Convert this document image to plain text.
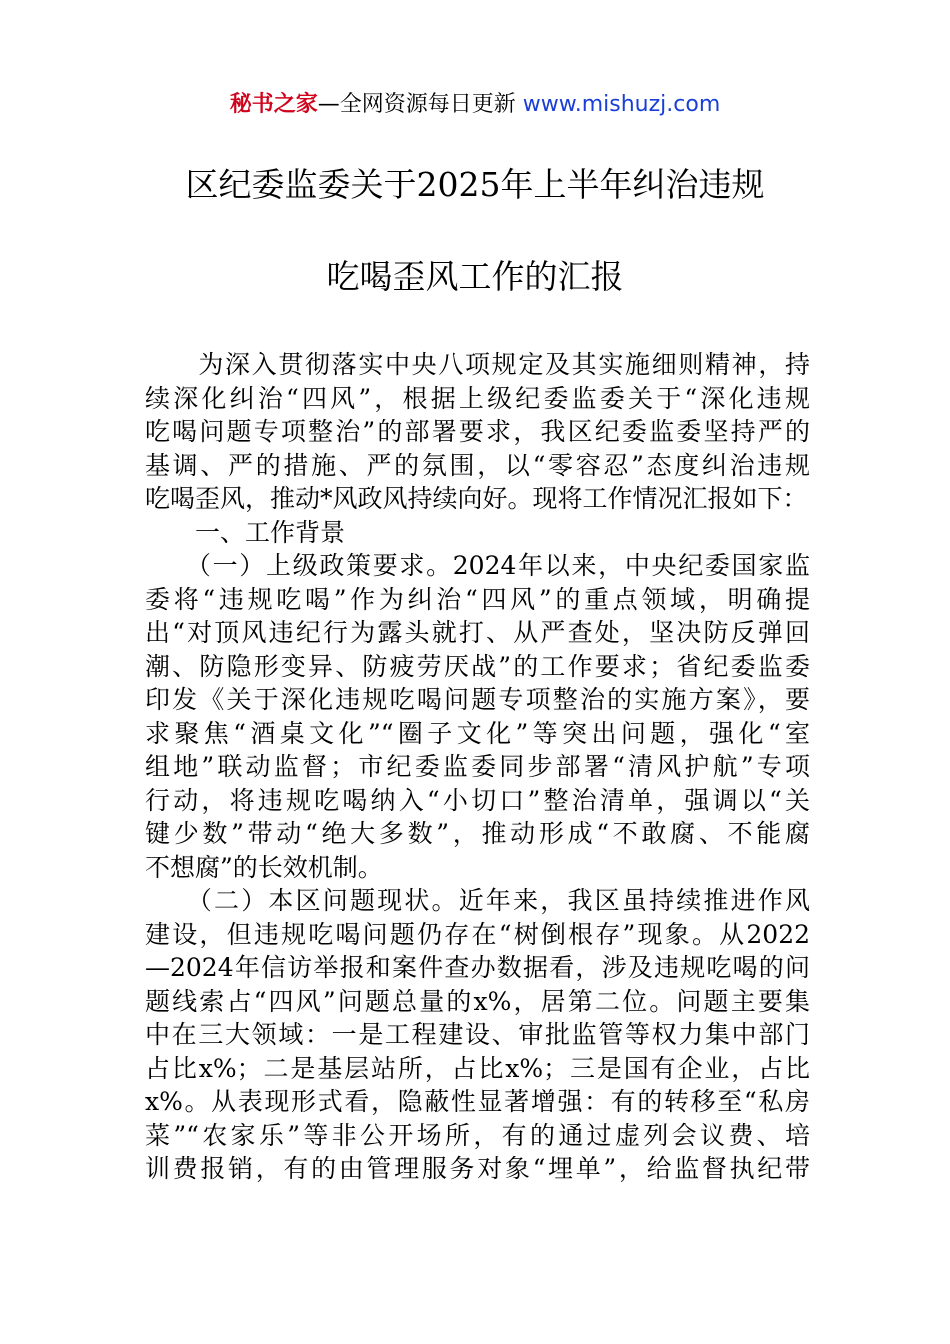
秘书之家—全网资源每日更新 www.mishuzj.com
区纪委监委关于2025年上半年纠治违规
吃喝歪风工作的汇报
　　为深入贯彻落实中央八项规定及其实施细则精神，持
续深化纠治“四风”，根据上级纪委监委关于“深化违规
吃喝问题专项整治”的部署要求，我区纪委监委坚持严的
基调、严的措施、严的氛围，以“零容忍”态度纠治违规
吃喝歪风，推动*风政风持续向好。现将工作情况汇报如下：
　　一、工作背景
　　（一）上级政策要求。2024年以来，中央纪委国家监
委将“违规吃喝”作为纠治“四风”的重点领域，明确提
出“对顶风违纪行为露头就打、从严查处，坚决防反弹回
潮、防隐形变异、防疲劳厌战”的工作要求；省纪委监委
印发《关于深化违规吃喝问题专项整治的实施方案》，要
求聚焦“酒桌文化”“圈子文化”等突出问题，强化“室
组地”联动监督；市纪委监委同步部署“清风护航”专项
行动，将违规吃喝纳入“小切口”整治清单，强调以“关
键少数”带动“绝大多数”，推动形成“不敢腐、不能腐
不想腐”的长效机制。
　　（二）本区问题现状。近年来，我区虽持续推进作风
建设，但违规吃喝问题仍存在“树倒根存”现象。从2022
—2024年信访举报和案件查办数据看，涉及违规吃喝的问
题线索占“四风”问题总量的x%，居第二位。问题主要集
中在三大领域：一是工程建设、审批监管等权力集中部门
占比x%；二是基层站所，占比x%；三是国有企业，占比
x%。从表现形式看，隐蔽性显著增强：有的转移至“私房
菜”“农家乐”等非公开场所，有的通过虚列会议费、培
训费报销，有的由管理服务对象“埋单”，给监督执纪带
